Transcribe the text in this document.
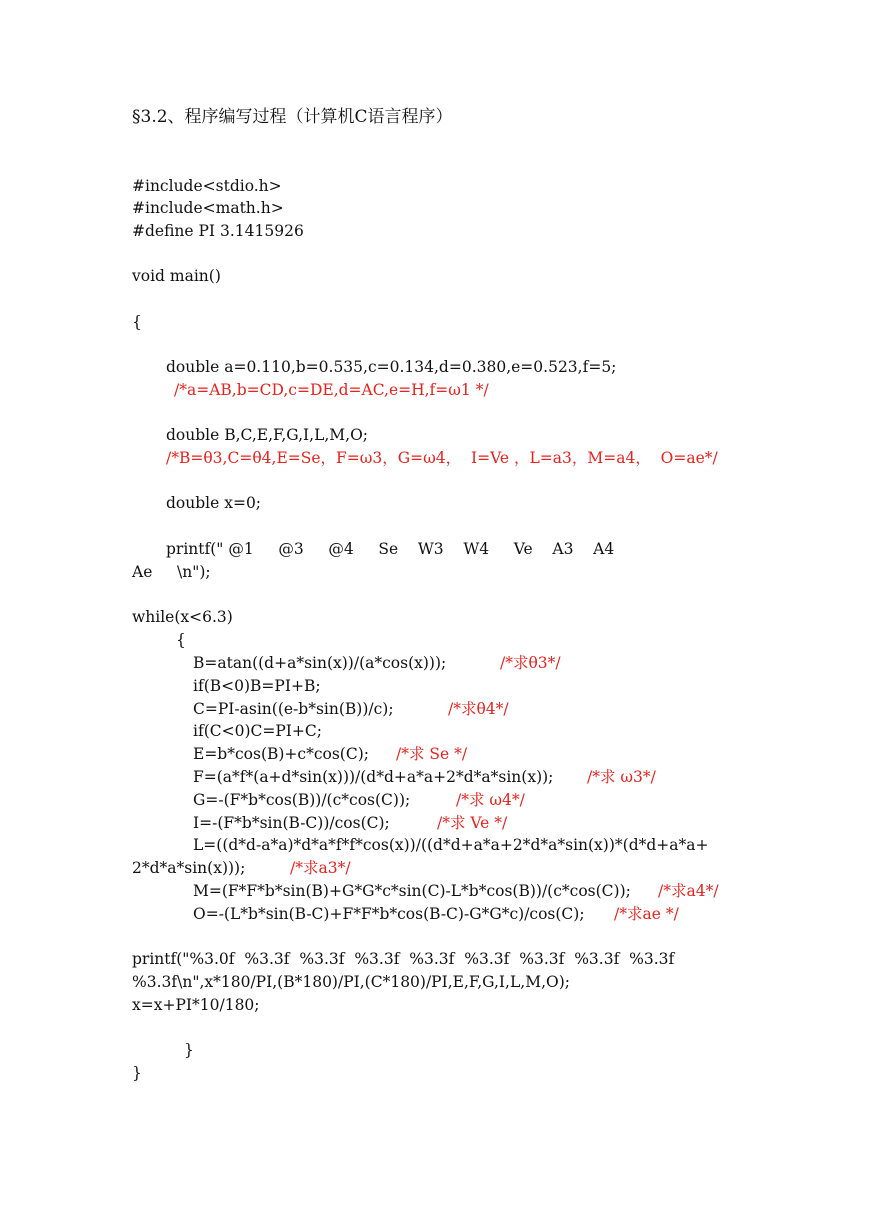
§3.2、程序编写过程（计算机C语言程序）
#include<stdio.h>
#include<math.h>
#define PI 3.1415926
void main()
{
double a=0.110,b=0.535,c=0.134,d=0.380,e=0.523,f=5;
/*a=AB,b=CD,c=DE,d=AC,e=H,f=ω1 */
double B,C,E,F,G,I,L,M,O;
/*B=θ3,C=θ4,E=Se，F=ω3，G=ω4，  I=Ve ，L=a3，M=a4，  O=ae*/
double x=0;
printf(" @1     @3     @4     Se    W3    W4     Ve    A3    A4
Ae     \n");
while(x<6.3)
{
B=atan((d+a*sin(x))/(a*cos(x)));	/*求θ3*/
if(B<0)B=PI+B;
C=PI-asin((e-b*sin(B))/c);	/*求θ4*/
if(C<0)C=PI+C;
E=b*cos(B)+c*cos(C); /*求 Se */
F=(a*f*(a+d*sin(x)))/(d*d+a*a+2*d*a*sin(x)); /*求 ω3*/
G=-(F*b*cos(B))/(c*cos(C));	/*求 ω4*/
I=-(F*b*sin(B-C))/cos(C);	/*求 Ve */
L=((d*d-a*a)*d*a*f*f*cos(x))/((d*d+a*a+2*d*a*sin(x))*(d*d+a*a+
2*d*a*sin(x)));	/*求a3*/
M=(F*F*b*sin(B)+G*G*c*sin(C)-L*b*cos(B))/(c*cos(C)); /*求a4*/
O=-(L*b*sin(B-C)+F*F*b*cos(B-C)-G*G*c)/cos(C); /*求ae */
printf("%3.0f  %3.3f  %3.3f  %3.3f  %3.3f  %3.3f  %3.3f  %3.3f  %3.3f
%3.3f\n",x*180/PI,(B*180)/PI,(C*180)/PI,E,F,G,I,L,M,O);
x=x+PI*10/180;
}
}
